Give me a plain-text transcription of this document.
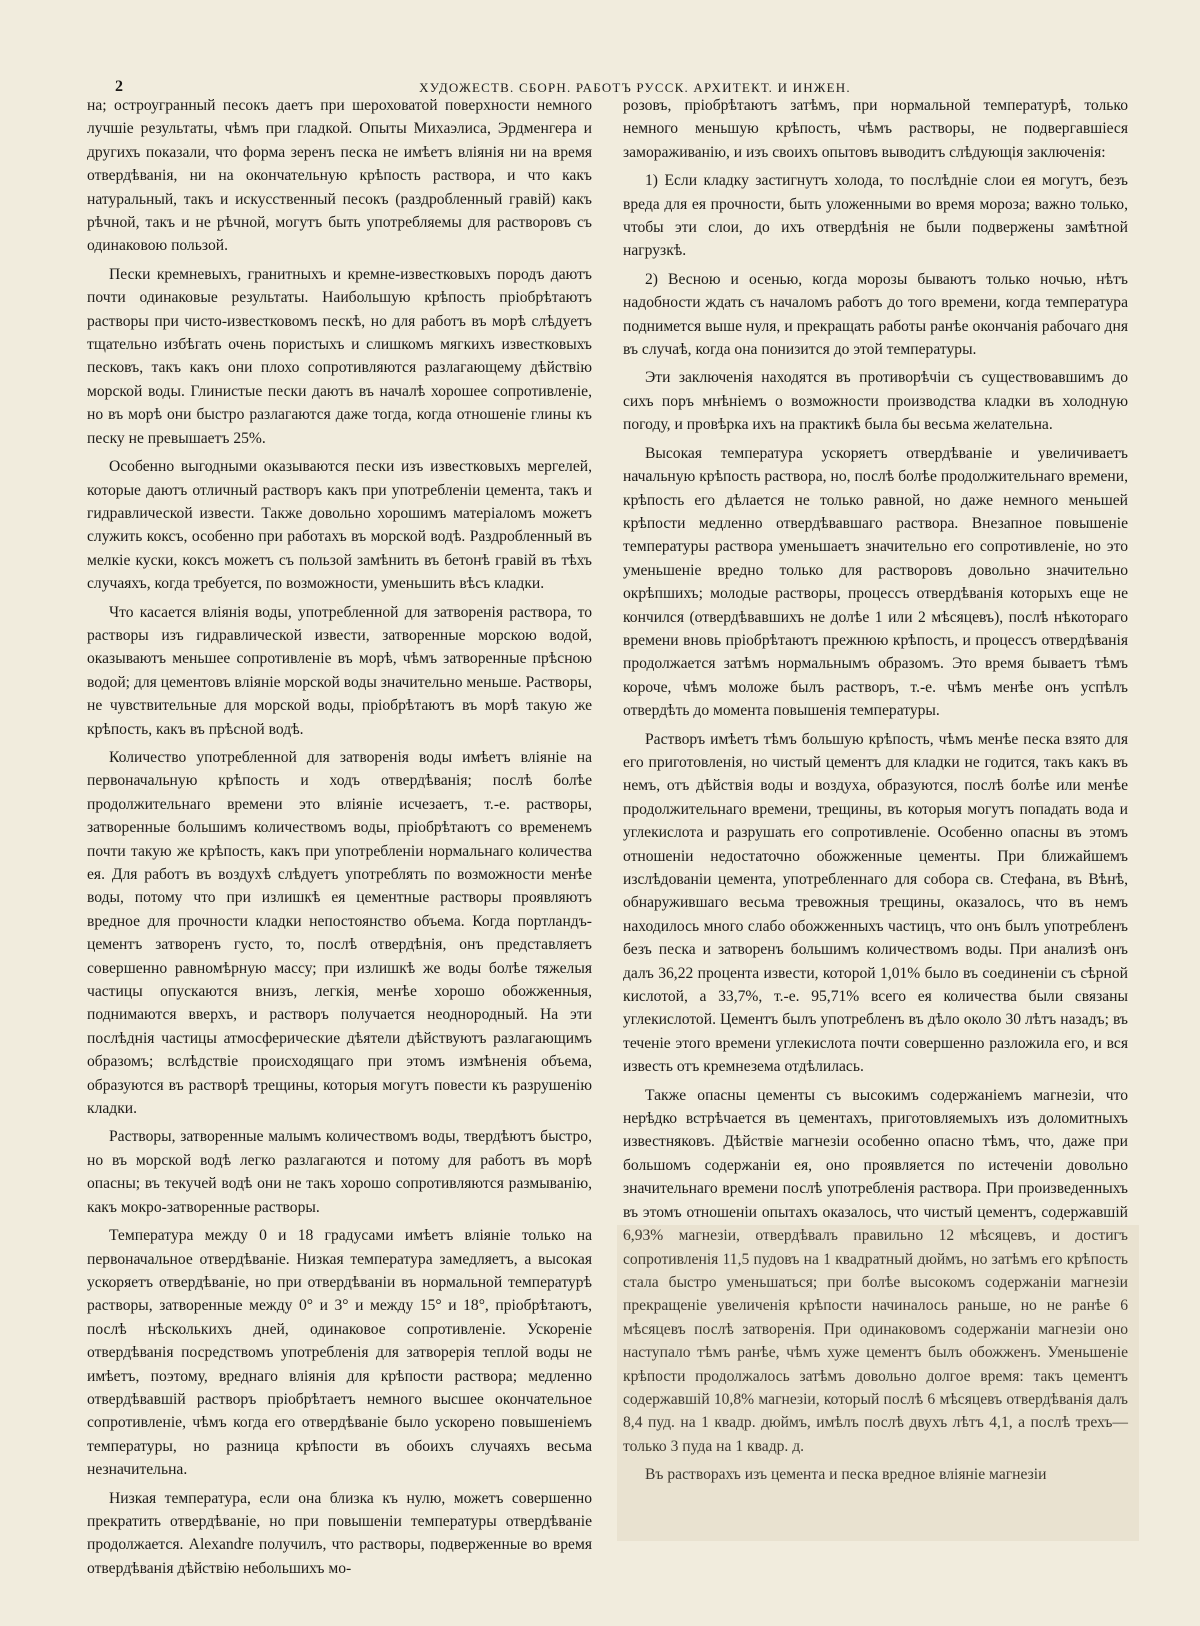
2	ХУДОЖЕСТВ. СБОРН. РАБОТЪ РУССК. АРХИТЕКТ. И ИНЖЕН.

на; остроугранный песокъ даетъ при шероховатой поверхности немного лучшіе результаты, чѣмъ при гладкой. Опыты Михаэлиса, Эрдменгера и другихъ показали, что форма зеренъ песка не имѣетъ вліянія ни на время отвердѣванія, ни на окончательную крѣпость раствора, и что какъ натуральный, такъ и искусственный песокъ (раздробленный гравій) какъ рѣчной, такъ и не рѣчной, могутъ быть употребляемы для растворовъ съ одинаковою пользой.

Пески кремневыхъ, гранитныхъ и кремне-известковыхъ породъ даютъ почти одинаковые результаты. Наибольшую крѣпость пріобрѣтаютъ растворы при чисто-известковомъ пескѣ, но для работъ въ морѣ слѣдуетъ тщательно избѣгать очень пористыхъ и слишкомъ мягкихъ известковыхъ песковъ, такъ какъ они плохо сопротивляются разлагающему дѣйствію морской воды. Глинистые пески даютъ въ началѣ хорошее сопротивленіе, но въ морѣ они быстро разлагаются даже тогда, когда отношеніе глины къ песку не превышаетъ 25%.

Особенно выгодными оказываются пески изъ известковыхъ мергелей, которые даютъ отличный растворъ какъ при употребленіи цемента, такъ и гидравлической извести. Также довольно хорошимъ матеріаломъ можетъ служить коксъ, особенно при работахъ въ морской водѣ. Раздробленный въ мелкіе куски, коксъ можетъ съ пользой замѣнить въ бетонѣ гравій въ тѣхъ случаяхъ, когда требуется, по возможности, уменьшить вѣсъ кладки.

Что касается вліянія воды, употребленной для затворенія раствора, то растворы изъ гидравлической извести, затворенные морскою водой, оказываютъ меньшее сопротивленіе въ морѣ, чѣмъ затворенные прѣсною водой; для цементовъ вліяніе морской воды значительно меньше. Растворы, не чувствительные для морской воды, пріобрѣтаютъ въ морѣ такую же крѣпость, какъ въ прѣсной водѣ.

Количество употребленной для затворенія воды имѣетъ вліяніе на первоначальную крѣпость и ходъ отвердѣванія; послѣ болѣе продолжительнаго времени это вліяніе исчезаетъ, т.-е. растворы, затворенные большимъ количествомъ воды, пріобрѣтаютъ со временемъ почти такую же крѣпость, какъ при употребленіи нормальнаго количества ея. Для работъ въ воздухѣ слѣдуетъ употреблять по возможности менѣе воды, потому что при излишкѣ ея цементные растворы проявляютъ вредное для прочности кладки непостоянство объема. Когда портландъ-цементъ затворенъ густо, то, послѣ отвердѣнія, онъ представляетъ совершенно равномѣрную массу; при излишкѣ же воды болѣе тяжелыя частицы опускаются внизъ, легкія, менѣе хорошо обожженныя, поднимаются вверхъ, и растворъ получается неоднородный. На эти послѣднія частицы атмосферические дѣятели дѣйствуютъ разлагающимъ образомъ; вслѣдствіе происходящаго при этомъ измѣненія объема, образуются въ растворѣ трещины, которыя могутъ повести къ разрушенію кладки.

Растворы, затворенные малымъ количествомъ воды, твердѣютъ быстро, но въ морской водѣ легко разлагаются и потому для работъ въ морѣ опасны; въ текучей водѣ они не такъ хорошо сопротивляются размыванію, какъ мокро-затворенные растворы.

Температура между 0 и 18 градусами имѣетъ вліяніе только на первоначальное отвердѣваніе. Низкая температура замедляетъ, а высокая ускоряетъ отвердѣваніе, но при отвердѣваніи въ нормальной температурѣ растворы, затворенные между 0° и 3° и между 15° и 18°, пріобрѣтаютъ, послѣ нѣсколькихъ дней, одинаковое сопротивленіе. Ускореніе отвердѣванія посредствомъ употребленія для затворерія теплой воды не имѣетъ, поэтому, вреднаго вліянія для крѣпости раствора; медленно отвердѣвавшій растворъ пріобрѣтаетъ немного высшее окончательное сопротивленіе, чѣмъ когда его отвердѣваніе было ускорено повышеніемъ температуры, но разница крѣпости въ обоихъ случаяхъ весьма незначительна.

Низкая температура, если она близка къ нулю, можетъ совершенно прекратить отвердѣваніе, но при повышеніи температуры отвердѣваніе продолжается. Alexandre получилъ, что растворы, подверженные во время отвердѣванія дѣйствію небольшихъ мо-

розовъ, пріобрѣтаютъ затѣмъ, при нормальной температурѣ, только немного меньшую крѣпость, чѣмъ растворы, не подвергавшіеся замораживанію, и изъ своихъ опытовъ выводитъ слѣдующія заключенія:

1) Если кладку застигнутъ холода, то послѣдніе слои ея могутъ, безъ вреда для ея прочности, быть уложенными во время мороза; важно только, чтобы эти слои, до ихъ отвердѣнія не были подвержены замѣтной нагрузкѣ.

2) Весною и осенью, когда морозы бываютъ только ночью, нѣтъ надобности ждать съ началомъ работъ до того времени, когда температура поднимется выше нуля, и прекращать работы ранѣе окончанія рабочаго дня въ случаѣ, когда она понизится до этой температуры.

Эти заключенія находятся въ противорѣчіи съ существовавшимъ до сихъ поръ мнѣніемъ о возможности производства кладки въ холодную погоду, и провѣрка ихъ на практикѣ была бы весьма желательна.

Высокая температура ускоряетъ отвердѣваніе и увеличиваетъ начальную крѣпость раствора, но, послѣ болѣе продолжительнаго времени, крѣпость его дѣлается не только равной, но даже немного меньшей крѣпости медленно отвердѣвавшаго раствора. Внезапное повышеніе температуры раствора уменьшаетъ значительно его сопротивленіе, но это уменьшеніе вредно только для растворовъ довольно значительно окрѣпшихъ; молодые растворы, процессъ отвердѣванія которыхъ еще не кончился (отвердѣвавшихъ не долѣе 1 или 2 мѣсяцевъ), послѣ нѣкотораго времени вновь пріобрѣтаютъ прежнюю крѣпость, и процессъ отвердѣванія продолжается затѣмъ нормальнымъ образомъ. Это время бываетъ тѣмъ короче, чѣмъ моложе былъ растворъ, т.-е. чѣмъ менѣе онъ успѣлъ отвердѣть до момента повышенія температуры.

Растворъ имѣетъ тѣмъ большую крѣпость, чѣмъ менѣе песка взято для его приготовленія, но чистый цементъ для кладки не годится, такъ какъ въ немъ, отъ дѣйствія воды и воздуха, образуются, послѣ болѣе или менѣе продолжительнаго времени, трещины, въ которыя могутъ попадать вода и углекислота и разрушать его сопротивленіе. Особенно опасны въ этомъ отношеніи недостаточно обожженные цементы. При ближайшемъ изслѣдованіи цемента, употребленнаго для собора св. Стефана, въ Вѣнѣ, обнаружившаго весьма тревожныя трещины, оказалось, что въ немъ находилось много слабо обожженныхъ частицъ, что онъ былъ употребленъ безъ песка и затворенъ большимъ количествомъ воды. При анализѣ онъ далъ 36,22 процента извести, которой 1,01% было въ соединеніи съ сѣрной кислотой, а 33,7%, т.-е. 95,71% всего ея количества были связаны углекислотой. Цементъ былъ употребленъ въ дѣло около 30 лѣтъ назадъ; въ теченіе этого времени углекислота почти совершенно разложила его, и вся известь отъ кремнезема отдѣлилась.

Также опасны цементы съ высокимъ содержаніемъ магнезіи, что нерѣдко встрѣчается въ цементахъ, приготовляемыхъ изъ доломитныхъ известняковъ. Дѣйствіе магнезіи особенно опасно тѣмъ, что, даже при большомъ содержаніи ея, оно проявляется по истеченіи довольно значительнаго времени послѣ употребленія раствора. При произведенныхъ въ этомъ отношеніи опытахъ оказалось, что чистый цементъ, содержавшій 6,93% магнезіи, отвердѣвалъ правильно 12 мѣсяцевъ, и достигъ сопротивленія 11,5 пудовъ на 1 квадратный дюймъ, но затѣмъ его крѣпость стала быстро уменьшаться; при болѣе высокомъ содержаніи магнезіи прекращеніе увеличенія крѣпости начиналось раньше, но не ранѣе 6 мѣсяцевъ послѣ затворенія. При одинаковомъ содержаніи магнезіи оно наступало тѣмъ ранѣе, чѣмъ хуже цементъ былъ обожженъ. Уменьшеніе крѣпости продолжалось затѣмъ довольно долгое время: такъ цементъ содержавшій 10,8% магнезіи, который послѣ 6 мѣсяцевъ отвердѣванія далъ 8,4 пуд. на 1 квадр. дюймъ, имѣлъ послѣ двухъ лѣтъ 4,1, а послѣ трехъ—только 3 пуда на 1 квадр. д.

Въ растворахъ изъ цемента и песка вредное вліяніе магнезіи
